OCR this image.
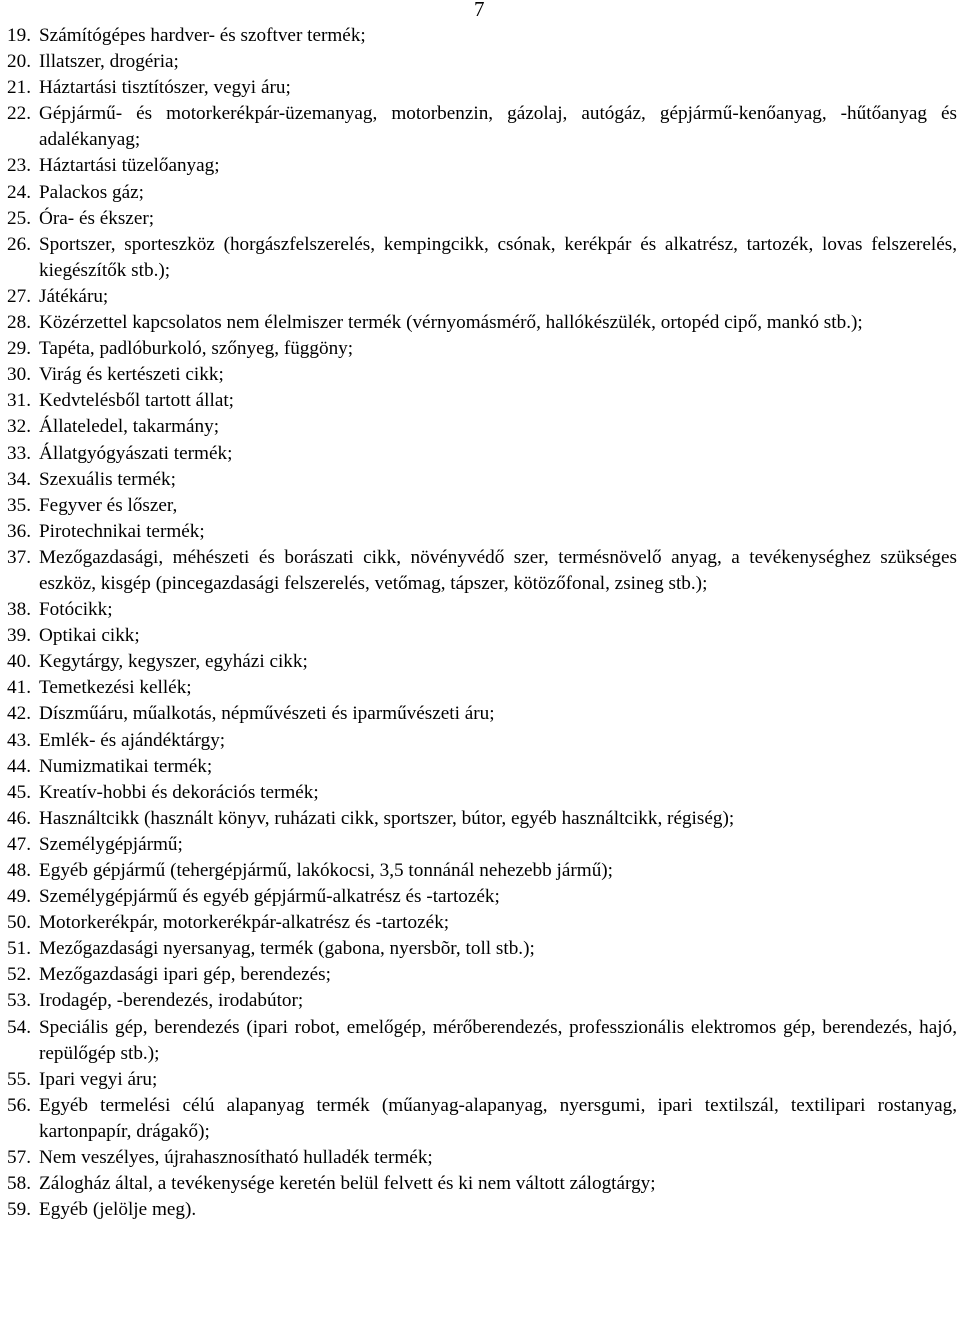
7
19. Számítógépes hardver- és szoftver termék;
20. Illatszer, drogéria;
21. Háztartási tisztítószer, vegyi áru;
22. Gépjármű- és motorkerékpár-üzemanyag, motorbenzin, gázolaj, autógáz, gépjármű-kenőanyag, -hűtőanyag és adalékanyag;
23. Háztartási tüzelőanyag;
24. Palackos gáz;
25. Óra- és ékszer;
26. Sportszer, sporteszköz (horgászfelszerelés, kempingcikk, csónak, kerékpár és alkatrész, tartozék, lovas felszerelés, kiegészítők stb.);
27. Játékáru;
28. Közérzettel kapcsolatos nem élelmiszer termék (vérnyomásmérő, hallókészülék, ortopéd cipő, mankó stb.);
29. Tapéta, padlóburkoló, szőnyeg, függöny;
30. Virág és kertészeti cikk;
31. Kedvtelésből tartott állat;
32. Állateledel, takarmány;
33. Állatgyógyászati termék;
34. Szexuális termék;
35. Fegyver és lőszer,
36. Pirotechnikai termék;
37. Mezőgazdasági, méhészeti és borászati cikk, növényvédő szer, termésnövelő anyag, a tevékenységhez szükséges eszköz, kisgép (pincegazdasági felszerelés, vetőmag, tápszer, kötözőfonal, zsineg stb.);
38. Fotócikk;
39. Optikai cikk;
40. Kegytárgy, kegyszer, egyházi cikk;
41. Temetkezési kellék;
42. Díszműáru, műalkotás, népművészeti és iparművészeti áru;
43. Emlék- és ajándéktárgy;
44. Numizmatikai termék;
45. Kreatív-hobbi és dekorációs termék;
46. Használtcikk (használt könyv, ruházati cikk, sportszer, bútor, egyéb használtcikk, régiség);
47. Személygépjármű;
48. Egyéb gépjármű (tehergépjármű, lakókocsi, 3,5 tonnánál nehezebb jármű);
49. Személygépjármű és egyéb gépjármű-alkatrész és -tartozék;
50. Motorkerékpár, motorkerékpár-alkatrész és -tartozék;
51. Mezőgazdasági nyersanyag, termék (gabona, nyersbõr, toll stb.);
52. Mezőgazdasági ipari gép, berendezés;
53. Irodagép, -berendezés, irodabútor;
54. Speciális gép, berendezés (ipari robot, emelőgép, mérőberendezés, professzionális elektromos gép, berendezés, hajó, repülőgép stb.);
55. Ipari vegyi áru;
56. Egyéb termelési célú alapanyag termék (műanyag-alapanyag, nyersgumi, ipari textilszál, textilipari rostanyag, kartonpapír, drágakő);
57. Nem veszélyes, újrahasznosítható hulladék termék;
58. Zálogház által, a tevékenysége keretén belül felvett és ki nem váltott zálogtárgy;
59. Egyéb (jelölje meg).
